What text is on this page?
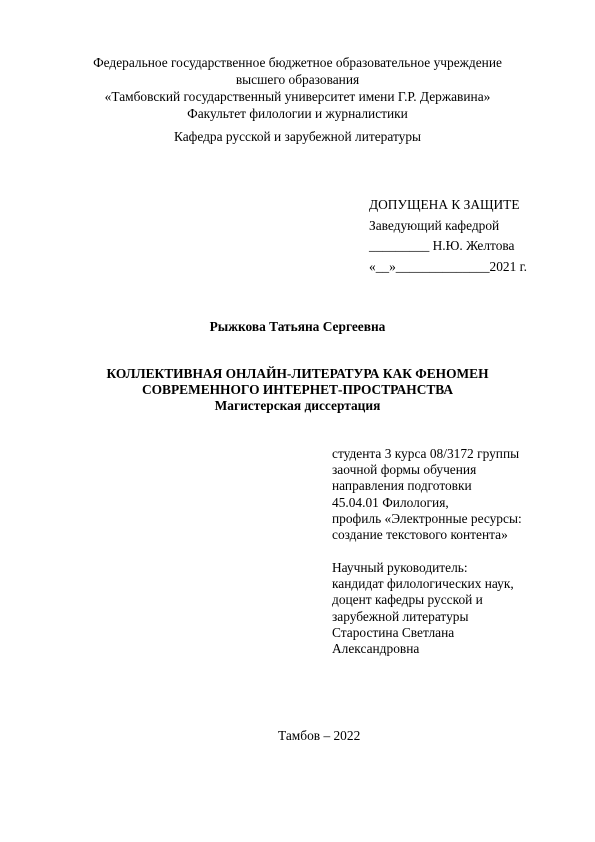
Федеральное государственное бюджетное образовательное учреждение
высшего образования
«Тамбовский государственный университет имени Г.Р. Державина»
Факультет филологии и журналистики
Кафедра русской и зарубежной литературы
ДОПУЩЕНА К ЗАЩИТЕ
Заведующий кафедрой
_________ Н.Ю. Желтова
«__»______________2021 г.
Рыжкова Татьяна Сергеевна
КОЛЛЕКТИВНАЯ ОНЛАЙН-ЛИТЕРАТУРА КАК ФЕНОМЕН
СОВРЕМЕННОГО ИНТЕРНЕТ-ПРОСТРАНСТВА
Магистерская диссертация
студента 3 курса 08/3172 группы
заочной формы обучения
направления подготовки
45.04.01 Филология,
профиль «Электронные ресурсы:
создание текстового контента»
Научный руководитель:
кандидат филологических наук,
доцент кафедры русской и
зарубежной литературы
Старостина Светлана
Александровна
Тамбов – 2022
